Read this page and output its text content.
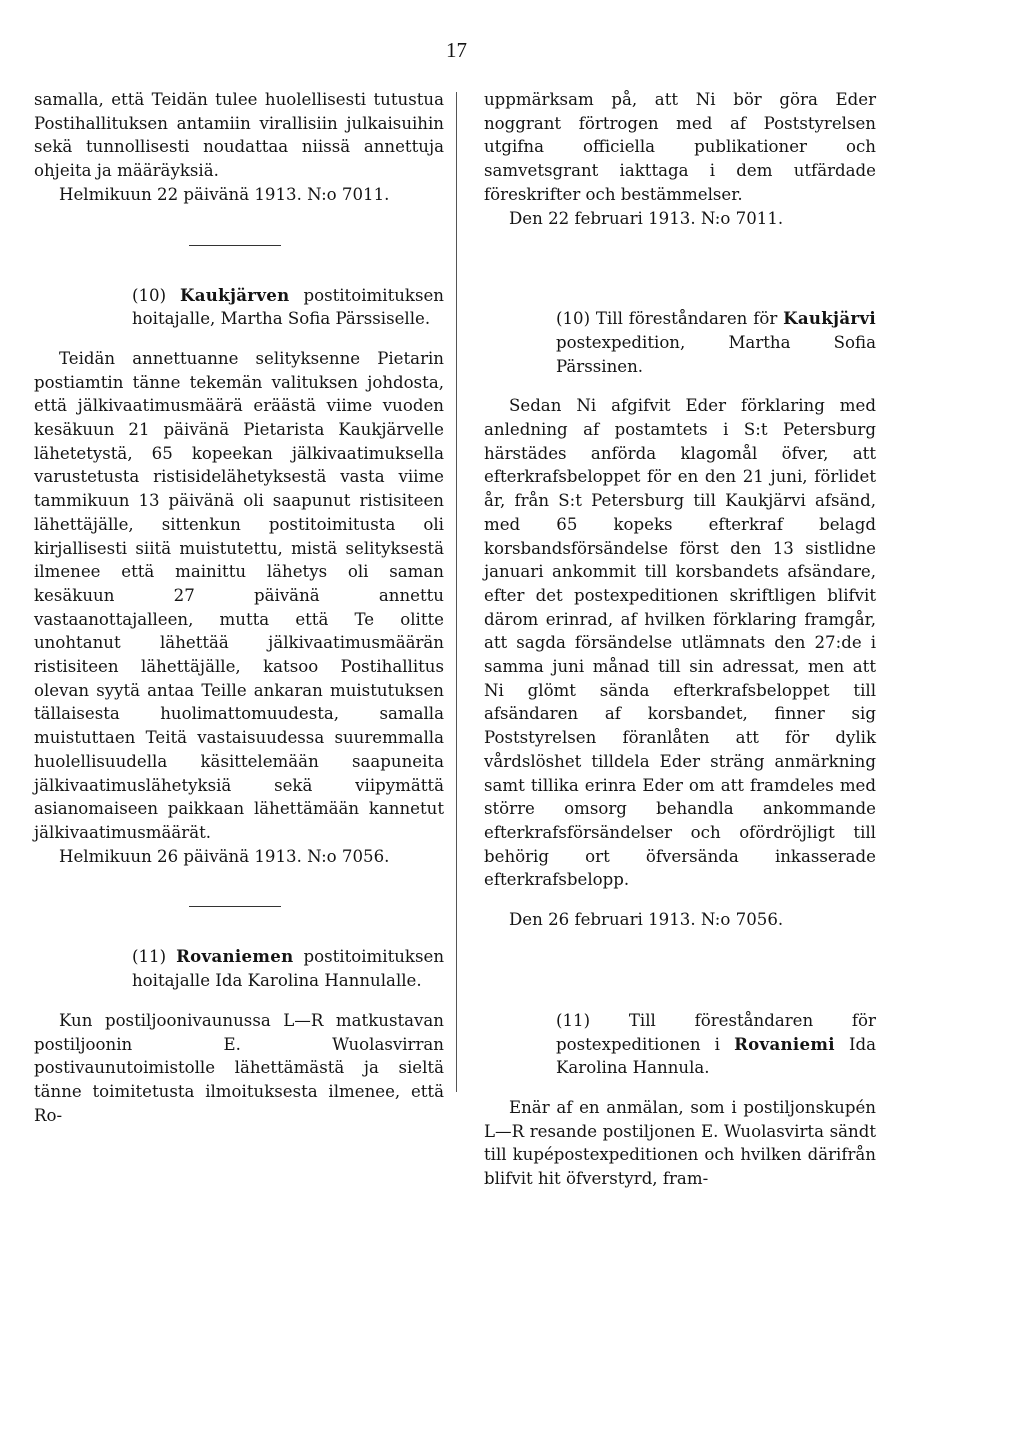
17

samalla, että Teidän tulee huolellisesti tutustua Postihallituksen antamiin virallisiin julkaisuihin sekä tunnollisesti noudattaa niissä annettuja ohjeita ja määräyksiä.

Helmikuun 22 päivänä 1913. N:o 7011.

(10) Kaukjärven postitoimituksen hoitajalle, Martha Sofia Pärssiselle.

Teidän annettuanne selityksenne Pietarin postiamtin tänne tekemän valituksen johdosta, että jälkivaatimusmäärä eräästä viime vuoden kesäkuun 21 päivänä Pietarista Kaukjärvelle lähetetystä, 65 kopeekan jälkivaatimuksella varustetusta ristisidelähetyksestä vasta viime tammikuun 13 päivänä oli saapunut ristisiteen lähettäjälle, sittenkun postitoimitusta oli kirjallisesti siitä muistutettu, mistä selityksestä ilmenee että mainittu lähetys oli saman kesäkuun 27 päivänä annettu vastaanottajalleen, mutta että Te olitte unohtanut lähettää jälkivaatimusmäärän ristisiteen lähettäjälle, katsoo Postihallitus olevan syytä antaa Teille ankaran muistutuksen tällaisesta huolimattomuudesta, samalla muistuttaen Teitä vastaisuudessa suuremmalla huolellisuudella käsittelemään saapuneita jälkivaatimuslähetyksiä sekä viipymättä asianomaiseen paikkaan lähettämään kannetut jälkivaatimusmäärät.

Helmikuun 26 päivänä 1913. N:o 7056.

(11) Rovaniemen postitoimituksen hoitajalle Ida Karolina Hannulalle.

Kun postiljoonivaunussa L—R matkustavan postiljoonin E. Wuolasvirran postivaunutoimistolle lähettämästä ja sieltä tänne toimitetusta ilmoituksesta ilmenee, että Ro-

uppmärksam på, att Ni bör göra Eder noggrant förtrogen med af Poststyrelsen utgifna officiella publikationer och samvetsgrant iakttaga i dem utfärdade föreskrifter och bestämmelser.

Den 22 februari 1913. N:o 7011.

(10) Till föreståndaren för Kaukjärvi postexpedition, Martha Sofia Pärssinen.

Sedan Ni afgifvit Eder förklaring med anledning af postamtets i S:t Petersburg härstädes anförda klagomål öfver, att efterkrafsbeloppet för en den 21 juni, förlidet år, från S:t Petersburg till Kaukjärvi afsänd, med 65 kopeks efterkraf belagd korsbandsförsändelse först den 13 sistlidne januari ankommit till korsbandets afsändare, efter det postexpeditionen skriftligen blifvit därom erinrad, af hvilken förklaring framgår, att sagda försändelse utlämnats den 27:de i samma juni månad till sin adressat, men att Ni glömt sända efterkrafsbeloppet till afsändaren af korsbandet, finner sig Poststyrelsen föranlåten att för dylik vårdslöshet tilldela Eder sträng anmärkning samt tillika erinra Eder om att framdeles med större omsorg behandla ankommande efterkrafsförsändelser och ofördröjligt till behörig ort öfversända inkasserade efterkrafsbelopp.

Den 26 februari 1913. N:o 7056.

(11) Till föreståndaren för postexpeditionen i Rovaniemi Ida Karolina Hannula.

Enär af en anmälan, som i postiljonskupén L—R resande postiljonen E. Wuolasvirta sändt till kupépostexpeditionen och hvilken därifrån blifvit hit öfverstyrd, fram-
